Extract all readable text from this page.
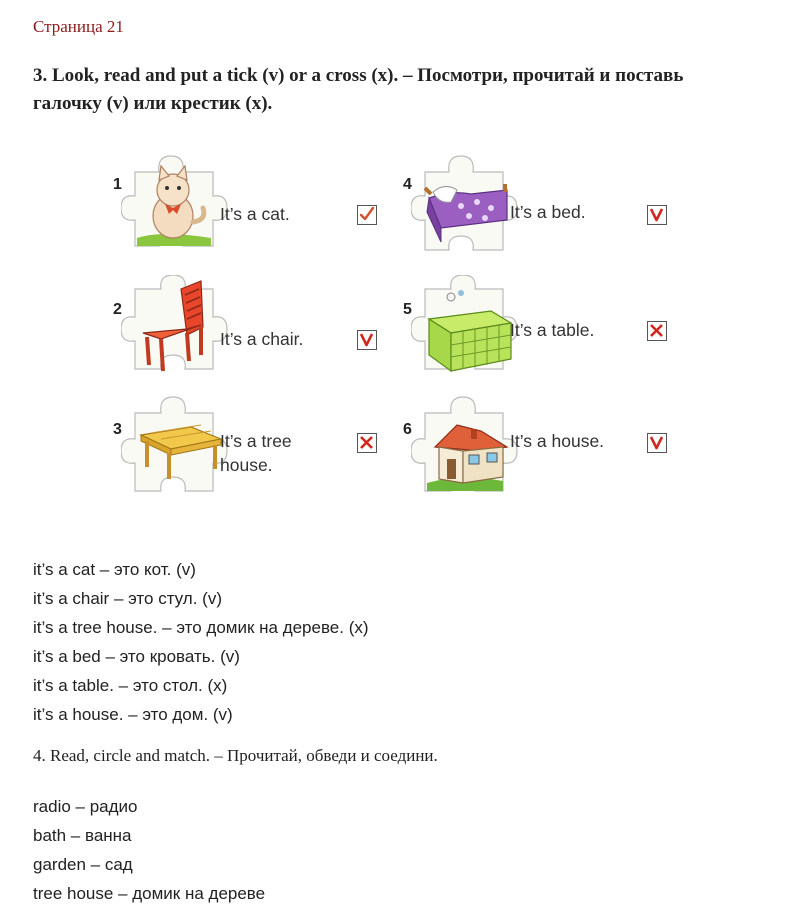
Страница 21
3. Look, read and put a tick (v) or a cross (x). – Посмотри, прочитай и поставь галочку (v) или крестик (x).
1
It’s a cat.
2
It’s a chair.
3
It’s a tree
house.
4
It’s a bed.
5
It’s a table.
6
It’s a house.
it’s a cat – это кот. (v)
it’s a chair – это стул. (v)
it’s a tree house. – это домик на дереве. (x)
it’s a bed – это кровать. (v)
it’s a table. – это стол. (x)
it’s a house. – это дом. (v)
4. Read, circle and match. – Прочитай, обведи и соедини.
radio – радио
bath – ванна
garden – сад
tree house – домик на дереве
